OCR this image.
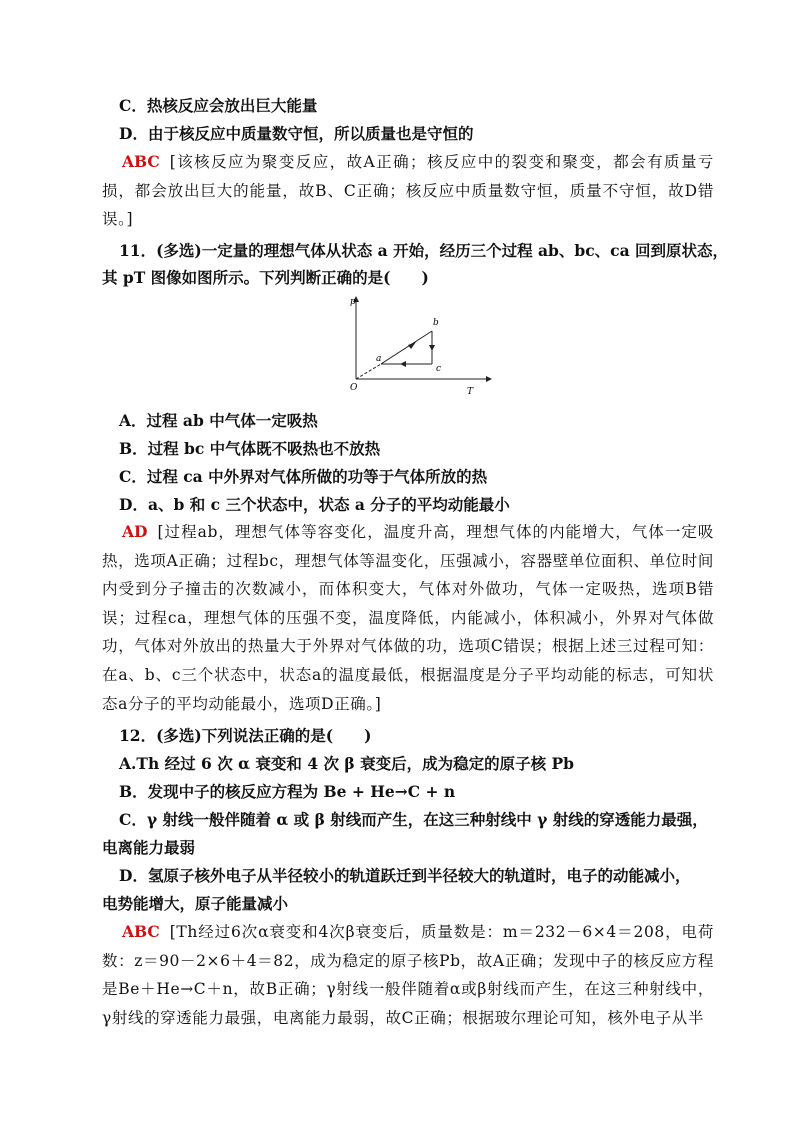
C．热核反应会放出巨大能量
D．由于核反应中质量数守恒，所以质量也是守恒的
ABC [该核反应为聚变反应，故A正确；核反应中的裂变和聚变，都会有质量亏损，都会放出巨大的能量，故B、C正确；核反应中质量数守恒，质量不守恒，故D错误。]
11．(多选)一定量的理想气体从状态 a 开始，经历三个过程 ab、bc、ca 回到原状态，
其 pT 图像如图所示。下列判断正确的是(　　)
p
T
O
a
b
c
A．过程 ab 中气体一定吸热
B．过程 bc 中气体既不吸热也不放热
C．过程 ca 中外界对气体所做的功等于气体所放的热
D．a、b 和 c 三个状态中，状态 a 分子的平均动能最小
AD [过程ab，理想气体等容变化，温度升高，理想气体的内能增大，气体一定吸热，选项A正确；过程bc，理想气体等温变化，压强减小，容器壁单位面积、单位时间内受到分子撞击的次数减小，而体积变大，气体对外做功，气体一定吸热，选项B错误；过程ca，理想气体的压强不变，温度降低，内能减小，体积减小，外界对气体做功，气体对外放出的热量大于外界对气体做的功，选项C错误；根据上述三过程可知：在a、b、c三个状态中，状态a的温度最低，根据温度是分子平均动能的标志，可知状态a分子的平均动能最小，选项D正确。]
12．(多选)下列说法正确的是(　　)
A.Th 经过 6 次 α 衰变和 4 次 β 衰变后，成为稳定的原子核 Pb
B．发现中子的核反应方程为 Be + He→C + n
C．γ 射线一般伴随着 α 或 β 射线而产生，在这三种射线中 γ 射线的穿透能力最强，
电离能力最弱
D．氢原子核外电子从半径较小的轨道跃迁到半径较大的轨道时，电子的动能减小，
电势能增大，原子能量减小
ABC [Th经过6次α衰变和4次β衰变后，质量数是：m＝232－6×4＝208，电荷数：z＝90－2×6＋4＝82，成为稳定的原子核Pb，故A正确；发现中子的核反应方程是Be＋He→C＋n，故B正确；γ射线一般伴随着α或β射线而产生，在这三种射线中，γ射线的穿透能力最强，电离能力最弱，故C正确；根据玻尔理论可知，核外电子从半
